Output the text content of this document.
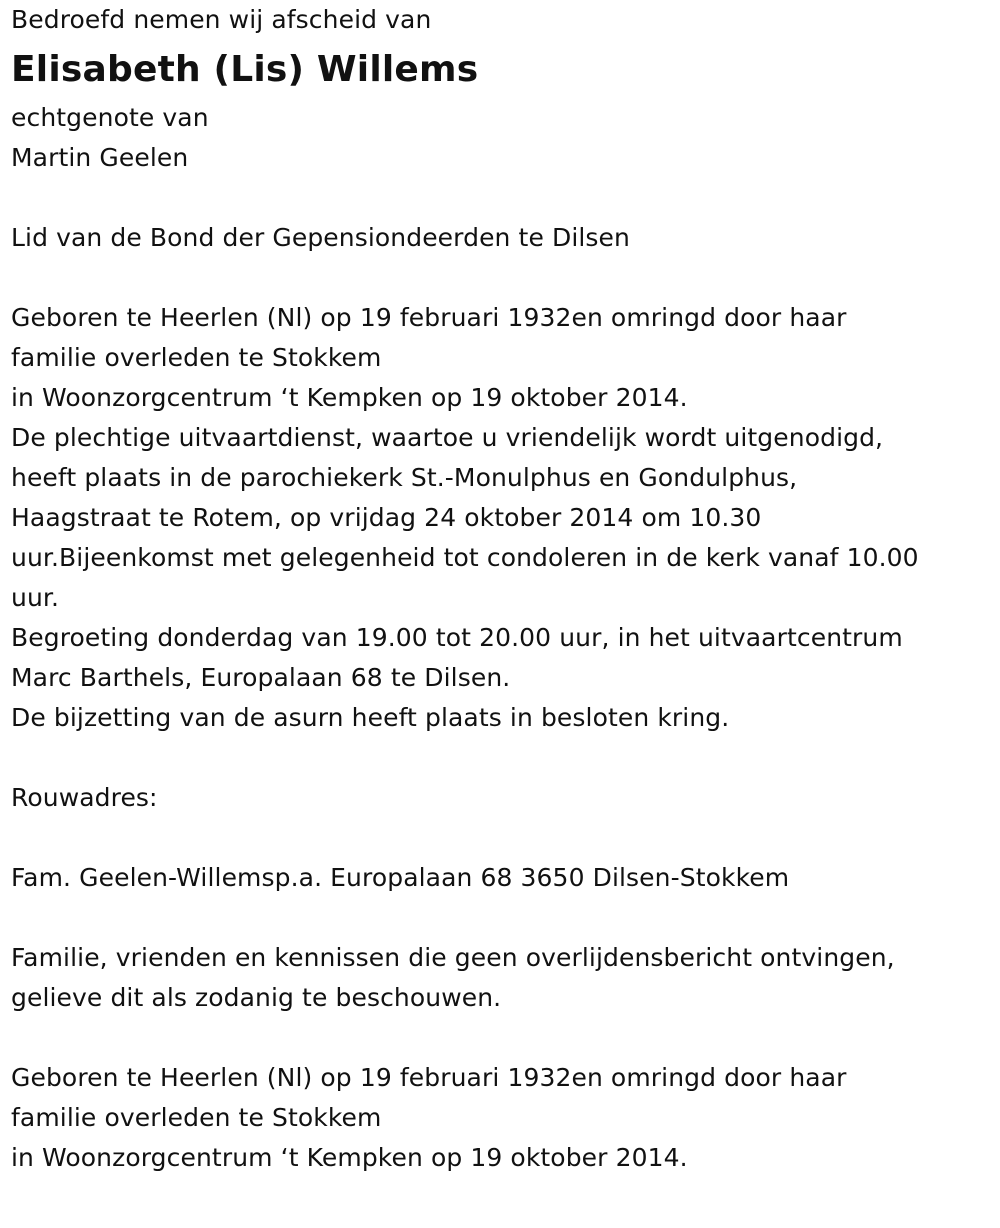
Bedroefd nemen wij afscheid van
Elisabeth (Lis) Willems
echtgenote van
Martin Geelen
Lid van de Bond der Gepensiondeerden te Dilsen
Geboren te Heerlen (Nl) op 19 februari 1932en omringd door haar
familie overleden te Stokkem
in Woonzorgcentrum ‘t Kempken op 19 oktober 2014.
De plechtige uitvaartdienst, waartoe u vriendelijk wordt uitgenodigd,
heeft plaats in de parochiekerk St.-Monulphus en Gondulphus,
Haagstraat te Rotem, op vrijdag 24 oktober 2014 om 10.30
uur.Bijeenkomst met gelegenheid tot condoleren in de kerk vanaf 10.00
uur.
Begroeting donderdag van 19.00 tot 20.00 uur, in het uitvaartcentrum
Marc Barthels, Europalaan 68 te Dilsen.
De bijzetting van de asurn heeft plaats in besloten kring.
Rouwadres:
Fam. Geelen-Willemsp.a. Europalaan 68 3650 Dilsen-Stokkem
Familie, vrienden en kennissen die geen overlijdensbericht ontvingen,
gelieve dit als zodanig te beschouwen.
Geboren te Heerlen (Nl) op 19 februari 1932en omringd door haar
familie overleden te Stokkem
in Woonzorgcentrum ‘t Kempken op 19 oktober 2014.
